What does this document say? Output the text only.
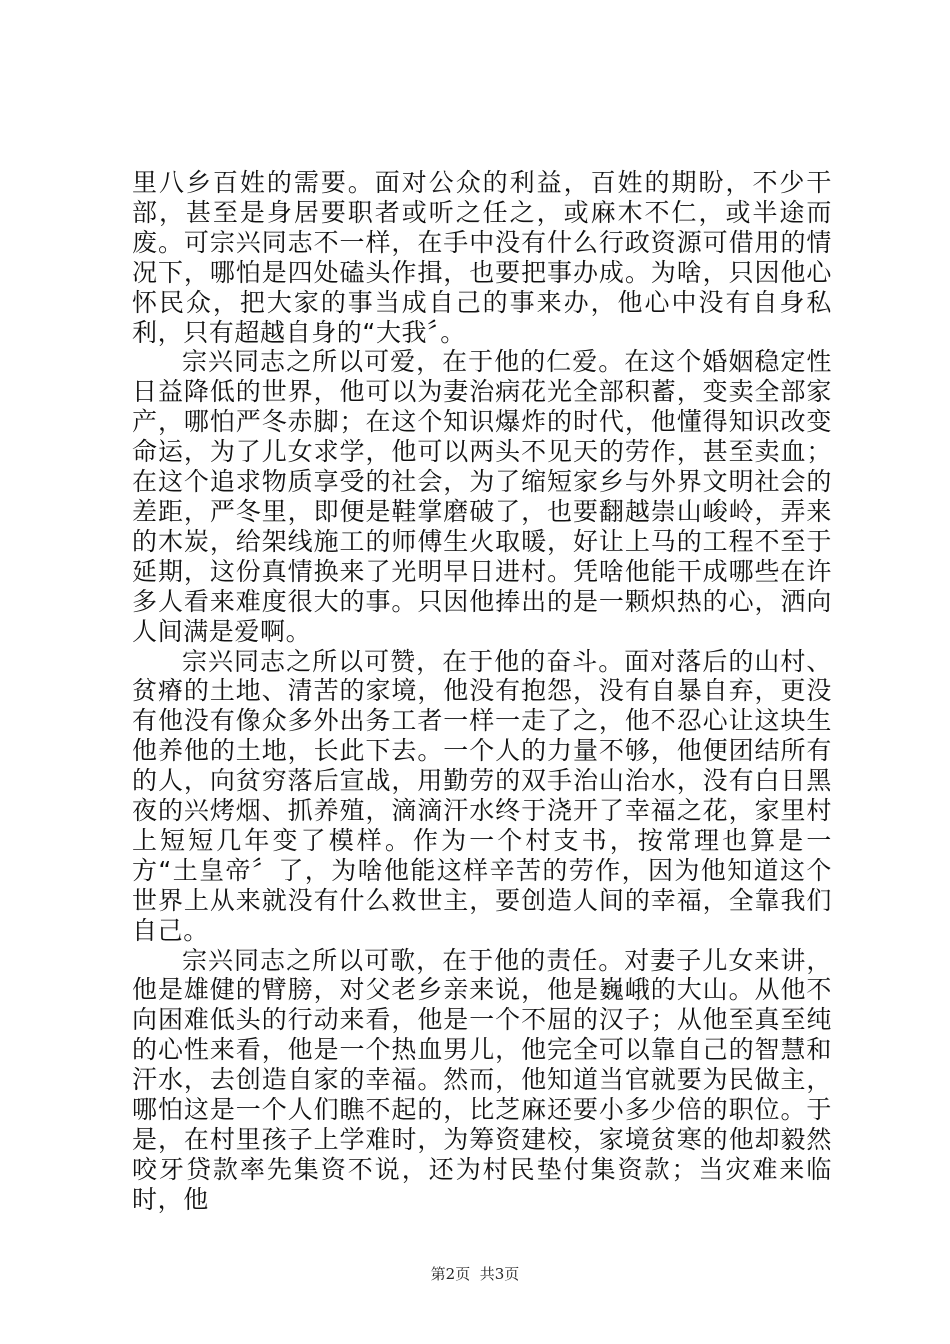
里八乡百姓的需要。面对公众的利益，百姓的期盼，不少干部，甚至是身居要职者或听之任之，或麻木不仁，或半途而废。可宗兴同志不一样，在手中没有什么行政资源可借用的情况下，哪怕是四处磕头作揖，也要把事办成。为啥，只因他心怀民众，把大家的事当成自己的事来办，他心中没有自身私利，只有超越自身的“大我〞。

宗兴同志之所以可爱，在于他的仁爱。在这个婚姻稳定性日益降低的世界，他可以为妻治病花光全部积蓄，变卖全部家产，哪怕严冬赤脚；在这个知识爆炸的时代，他懂得知识改变命运，为了儿女求学，他可以两头不见天的劳作，甚至卖血；在这个追求物质享受的社会，为了缩短家乡与外界文明社会的差距，严冬里，即便是鞋掌磨破了，也要翻越崇山峻岭，弄来的木炭，给架线施工的师傅生火取暖，好让上马的工程不至于延期，这份真情换来了光明早日进村。凭啥他能干成哪些在许多人看来难度很大的事。只因他捧出的是一颗炽热的心，洒向人间满是爱啊。

宗兴同志之所以可赞，在于他的奋斗。面对落后的山村、贫瘠的土地、清苦的家境，他没有抱怨，没有自暴自弃，更没有他没有像众多外出务工者一样一走了之，他不忍心让这块生他养他的土地，长此下去。一个人的力量不够，他便团结所有的人，向贫穷落后宣战，用勤劳的双手治山治水，没有白日黑夜的兴烤烟、抓养殖，滴滴汗水终于浇开了幸福之花，家里村上短短几年变了模样。作为一个村支书，按常理也算是一方“土皇帝〞了，为啥他能这样辛苦的劳作，因为他知道这个世界上从来就没有什么救世主，要创造人间的幸福，全靠我们自己。

宗兴同志之所以可歌，在于他的责任。对妻子儿女来讲，他是雄健的臂膀，对父老乡亲来说，他是巍峨的大山。从他不向困难低头的行动来看，他是一个不屈的汉子；从他至真至纯的心性来看，他是一个热血男儿，他完全可以靠自己的智慧和汗水，去创造自家的幸福。然而，他知道当官就要为民做主，哪怕这是一个人们瞧不起的，比芝麻还要小多少倍的职位。于是，在村里孩子上学难时，为筹资建校，家境贫寒的他却毅然咬牙贷款率先集资不说，还为村民垫付集资款；当灾难来临时，他

第2页 共3页
